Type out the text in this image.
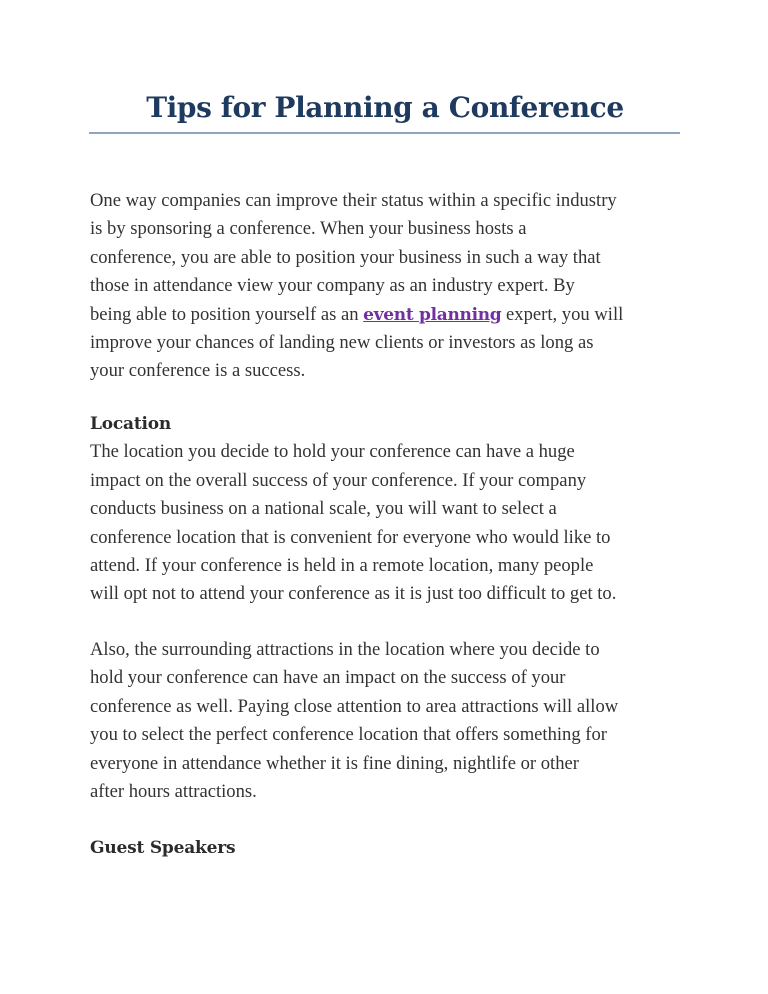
Tips for Planning a Conference
One way companies can improve their status within a specific industry
is by sponsoring a conference. When your business hosts a
conference, you are able to position your business in such a way that
those in attendance view your company as an industry expert. By
being able to position yourself as an event planning expert, you will
improve your chances of landing new clients or investors as long as
your conference is a success.
Location
The location you decide to hold your conference can have a huge
impact on the overall success of your conference. If your company
conducts business on a national scale, you will want to select a
conference location that is convenient for everyone who would like to
attend. If your conference is held in a remote location, many people
will opt not to attend your conference as it is just too difficult to get to.
Also, the surrounding attractions in the location where you decide to
hold your conference can have an impact on the success of your
conference as well. Paying close attention to area attractions will allow
you to select the perfect conference location that offers something for
everyone in attendance whether it is fine dining, nightlife or other
after hours attractions.
Guest Speakers
